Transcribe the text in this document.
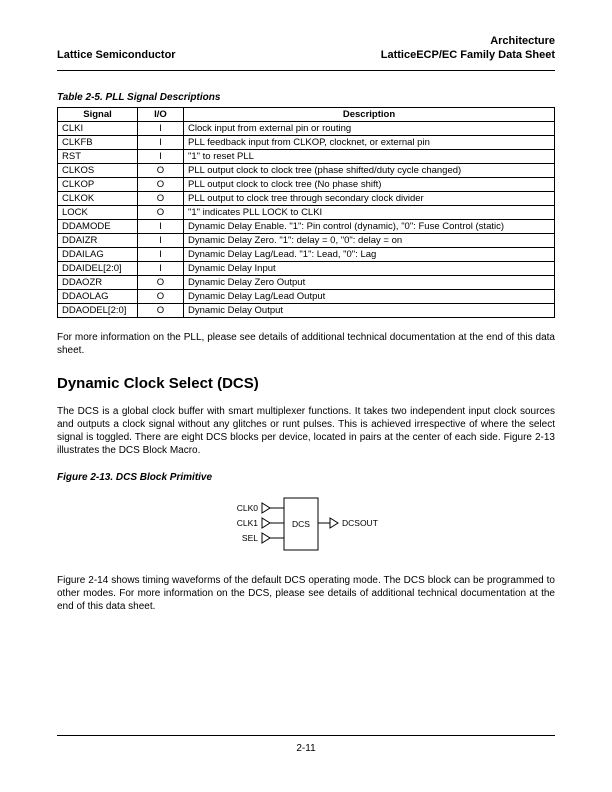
Architecture
Lattice Semiconductor	LatticeECP/EC Family Data Sheet
Table 2-5. PLL Signal Descriptions
Signal	I/O	Description
CLKI	I	Clock input from external pin or routing
CLKFB	I	PLL feedback input from CLKOP, clocknet, or external pin
RST	I	"1" to reset PLL
CLKOS	O	PLL output clock to clock tree (phase shifted/duty cycle changed)
CLKOP	O	PLL output clock to clock tree (No phase shift)
CLKOK	O	PLL output to clock tree through secondary clock divider
LOCK	O	"1" indicates PLL LOCK to CLKI
DDAMODE	I	Dynamic Delay Enable. "1": Pin control (dynamic), "0": Fuse Control (static)
DDAIZR	I	Dynamic Delay Zero. "1": delay = 0, "0": delay = on
DDAILAG	I	Dynamic Delay Lag/Lead. "1": Lead, "0": Lag
DDAIDEL[2:0]	I	Dynamic Delay Input
DDAOZR	O	Dynamic Delay Zero Output
DDAOLAG	O	Dynamic Delay Lag/Lead Output
DDAODEL[2:0]	O	Dynamic Delay Output

For more information on the PLL, please see details of additional technical documentation at the end of this data sheet.

Dynamic Clock Select (DCS)

The DCS is a global clock buffer with smart multiplexer functions. It takes two independent input clock sources and outputs a clock signal without any glitches or runt pulses. This is achieved irrespective of where the select signal is toggled. There are eight DCS blocks per device, located in pairs at the center of each side. Figure 2-13 illustrates the DCS Block Macro.

Figure 2-13. DCS Block Primitive
CLK0
CLK1
SEL
DCS	DCSOUT

Figure 2-14 shows timing waveforms of the default DCS operating mode. The DCS block can be programmed to other modes. For more information on the DCS, please see details of additional technical documentation at the end of this data sheet.

2-11
